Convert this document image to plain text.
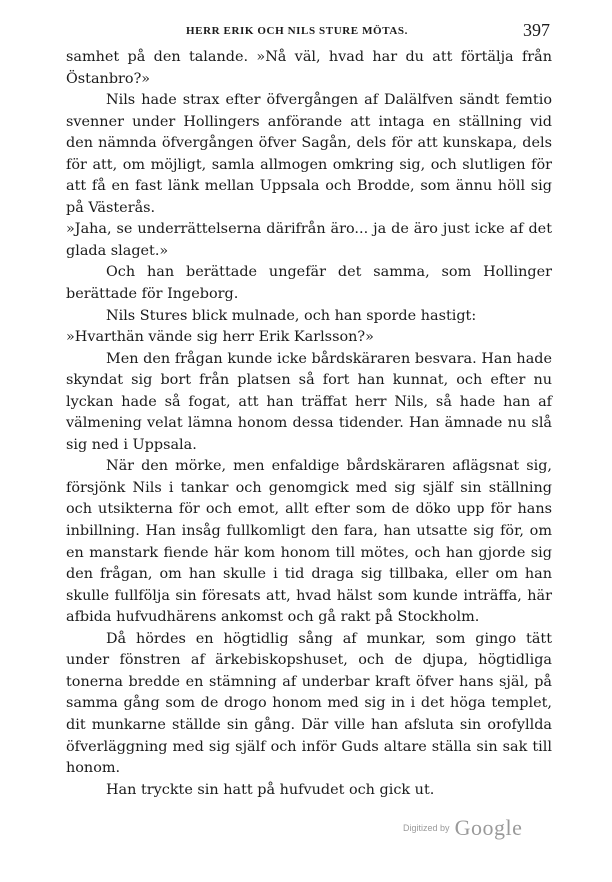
HERR ERIK OCH NILS STURE MÖTAS.	397

samhet på den talande. »Nå väl, hvad har du att förtälja från Östanbro?»

Nils hade strax efter öfvergången af Dalälfven sändt femtio svenner under Hollingers anförande att intaga en ställning vid den nämnda öfvergången öfver Sagån, dels för att kunskapa, dels för att, om möjligt, samla allmogen omkring sig, och slutligen för att få en fast länk mellan Uppsala och Brodde, som ännu höll sig på Västerås.

»Jaha, se underrättelserna därifrån äro... ja de äro just icke af det glada slaget.»

Och han berättade ungefär det samma, som Hollinger berättade för Ingeborg.

Nils Stures blick mulnade, och han sporde hastigt:

»Hvarthän vände sig herr Erik Karlsson?»

Men den frågan kunde icke bårdskäraren besvara. Han hade skyndat sig bort från platsen så fort han kunnat, och efter nu lyckan hade så fogat, att han träffat herr Nils, så hade han af välmening velat lämna honom dessa tidender. Han ämnade nu slå sig ned i Uppsala.

När den mörke, men enfaldige bårdskäraren aflägsnat sig, försjönk Nils i tankar och genomgick med sig själf sin ställning och utsikterna för och emot, allt efter som de döko upp för hans inbillning. Han insåg fullkomligt den fara, han utsatte sig för, om en manstark fiende här kom honom till mötes, och han gjorde sig den frågan, om han skulle i tid draga sig tillbaka, eller om han skulle fullfölja sin föresats att, hvad hälst som kunde inträffa, här afbida hufvudhärens ankomst och gå rakt på Stockholm.

Då hördes en högtidlig sång af munkar, som gingo tätt under fönstren af ärkebiskopshuset, och de djupa, högtidliga tonerna bredde en stämning af underbar kraft öfver hans själ, på samma gång som de drogo honom med sig in i det höga templet, dit munkarne ställde sin gång. Där ville han afsluta sin orofyllda öfverläggning med sig själf och inför Guds altare ställa sin sak till honom.

Han tryckte sin hatt på hufvudet och gick ut.

Digitized by Google
